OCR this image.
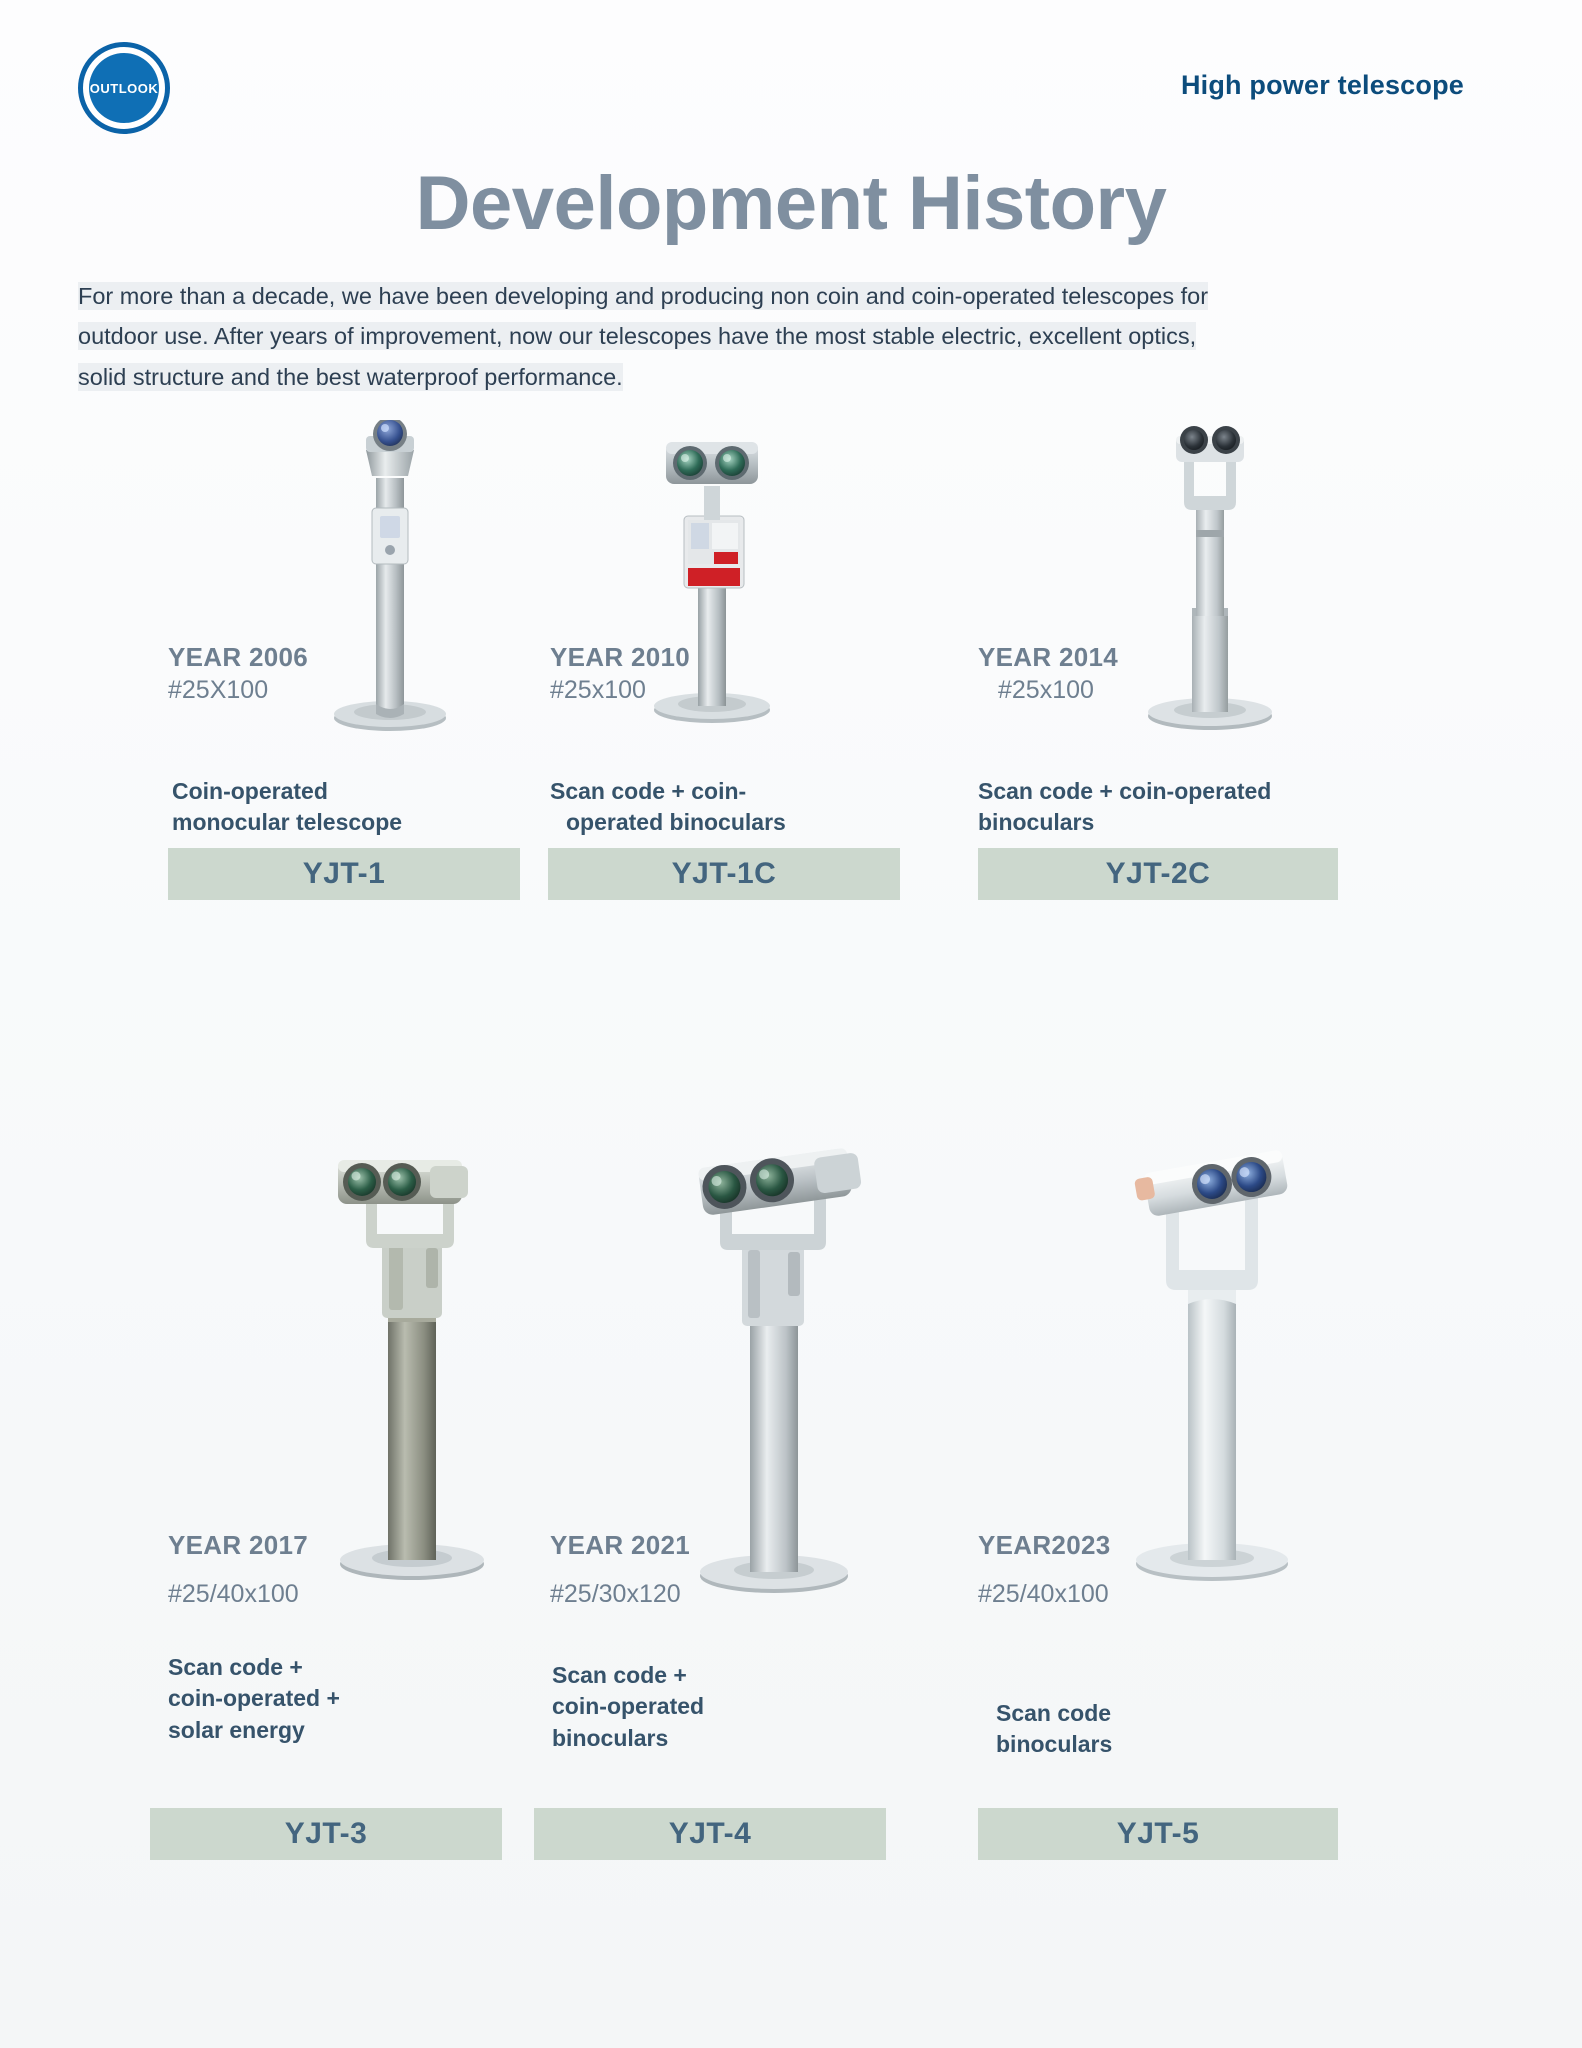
OUTLOOK	High power telescope
Development History
For more than a decade, we have been developing and producing non coin and coin-operated telescopes for
outdoor use. After years of improvement, now our telescopes have the most stable electric, excellent optics,
solid structure and the best waterproof performance.
YEAR 2006
#25X100
Coin-operated
monocular telescope
YJT-1
YEAR 2010
#25x100
Scan code + coin-
operated binoculars
YJT-1C
YEAR 2014
#25x100
Scan code + coin-operated
binoculars
YJT-2C
YEAR 2017
#25/40x100
Scan code +
coin-operated +
solar energy
YJT-3
YEAR 2021
#25/30x120
Scan code +
coin-operated
binoculars
YJT-4
YEAR2023
#25/40x100
Scan code
binoculars
YJT-5
